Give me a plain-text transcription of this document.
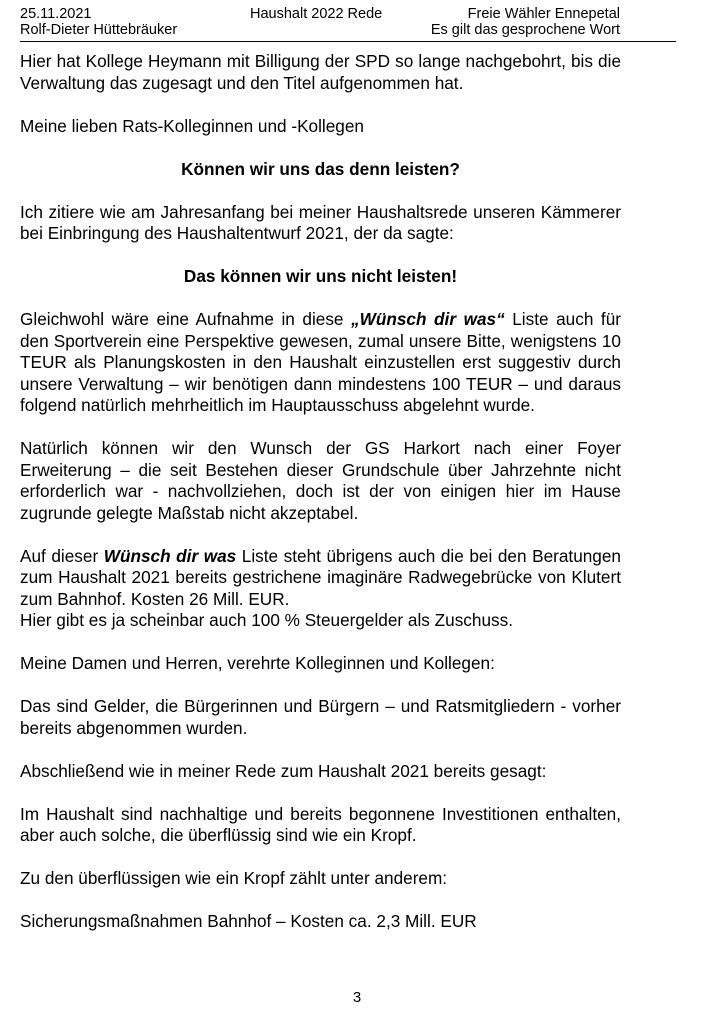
25.11.2021	Haushalt 2022 Rede	Freie Wähler Ennepetal
Rolf-Dieter Hüttebräuker	Es gilt das gesprochene Wort

Hier hat Kollege Heymann mit Billigung der SPD so lange nachgebohrt, bis die Verwaltung das zugesagt und den Titel aufgenommen hat.

Meine lieben Rats-Kolleginnen und -Kollegen

Können wir uns das denn leisten?

Ich zitiere wie am Jahresanfang bei meiner Haushaltsrede unseren Kämmerer bei Einbringung des Haushaltentwurf 2021, der da sagte:

Das können wir uns nicht leisten!

Gleichwohl wäre eine Aufnahme in diese „Wünsch dir was“ Liste auch für den Sportverein eine Perspektive gewesen, zumal unsere Bitte, wenigstens 10 TEUR als Planungskosten in den Haushalt einzustellen erst suggestiv durch unsere Verwaltung – wir benötigen dann mindestens 100 TEUR – und daraus folgend natürlich mehrheitlich im Hauptausschuss abgelehnt wurde.

Natürlich können wir den Wunsch der GS Harkort nach einer Foyer Erweiterung – die seit Bestehen dieser Grundschule über Jahrzehnte nicht erforderlich war - nachvollziehen, doch ist der von einigen hier im Hause zugrunde gelegte Maßstab nicht akzeptabel.

Auf dieser Wünsch dir was Liste steht übrigens auch die bei den Beratungen zum Haushalt 2021 bereits gestrichene imaginäre Radwegebrücke von Klutert zum Bahnhof. Kosten 26 Mill. EUR.
Hier gibt es ja scheinbar auch 100 % Steuergelder als Zuschuss.

Meine Damen und Herren, verehrte Kolleginnen und Kollegen:

Das sind Gelder, die Bürgerinnen und Bürgern – und Ratsmitgliedern - vorher bereits abgenommen wurden.

Abschließend wie in meiner Rede zum Haushalt 2021 bereits gesagt:

Im Haushalt sind nachhaltige und bereits begonnene Investitionen enthalten, aber auch solche, die überflüssig sind wie ein Kropf.

Zu den überflüssigen wie ein Kropf zählt unter anderem:

Sicherungsmaßnahmen Bahnhof – Kosten ca. 2,3 Mill. EUR

3
